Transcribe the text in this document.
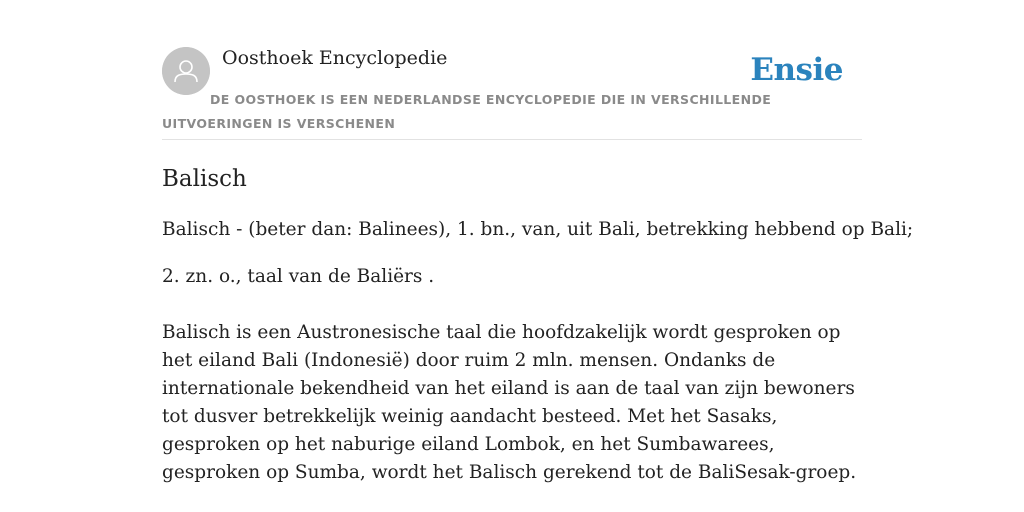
Oosthoek Encyclopedie	Ensie
DE OOSTHOEK IS EEN NEDERLANDSE ENCYCLOPEDIE DIE IN VERSCHILLENDE UITVOERINGEN IS VERSCHENEN
Balisch

Balisch - (beter dan: Balinees), 1. bn., van, uit Bali, betrekking hebbend op Bali;

2. zn. o., taal van de Baliërs .

Balisch is een Austronesische taal die hoofdzakelijk wordt gesproken op het eiland Bali (Indonesië) door ruim 2 mln. mensen. Ondanks de internationale bekendheid van het eiland is aan de taal van zijn bewoners tot dusver betrekkelijk weinig aandacht besteed. Met het Sasaks, gesproken op het naburige eiland Lombok, en het Sumbawarees, gesproken op Sumba, wordt het Balisch gerekend tot de BaliSesak-groep.
